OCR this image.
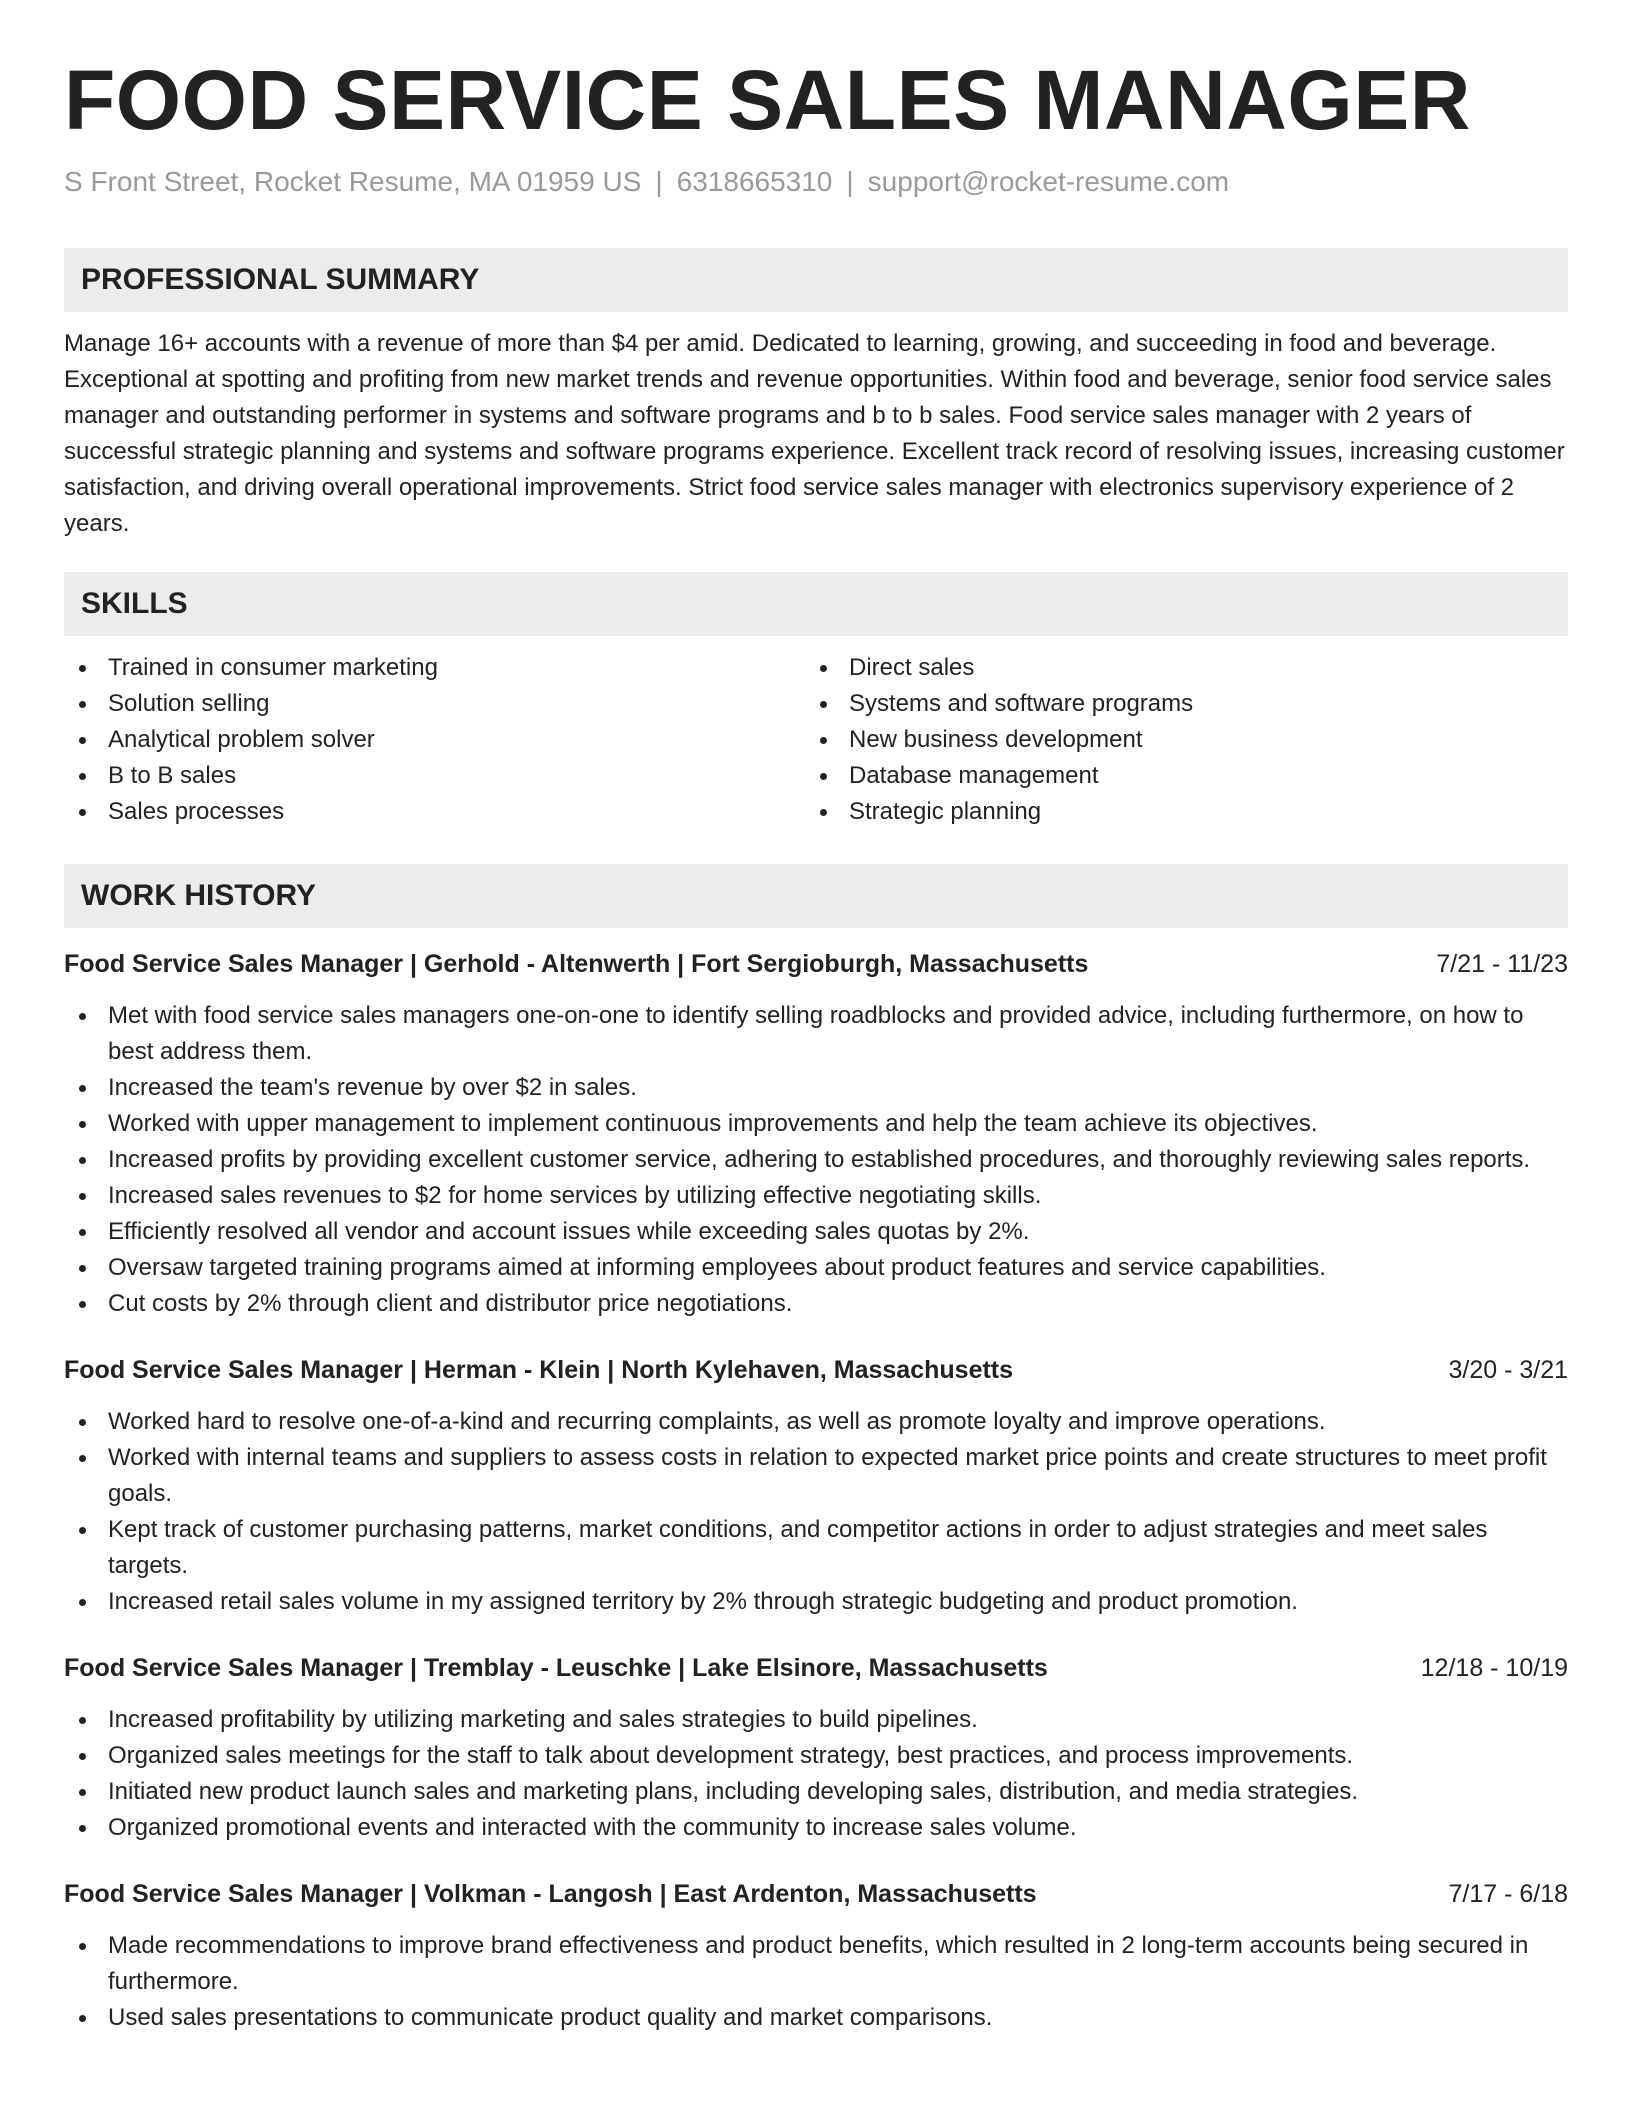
FOOD SERVICE SALES MANAGER
S Front Street, Rocket Resume, MA 01959 US | 6318665310 | support@rocket-resume.com
PROFESSIONAL SUMMARY
Manage 16+ accounts with a revenue of more than $4 per amid. Dedicated to learning, growing, and succeeding in food and beverage. Exceptional at spotting and profiting from new market trends and revenue opportunities. Within food and beverage, senior food service sales manager and outstanding performer in systems and software programs and b to b sales. Food service sales manager with 2 years of successful strategic planning and systems and software programs experience. Excellent track record of resolving issues, increasing customer satisfaction, and driving overall operational improvements. Strict food service sales manager with electronics supervisory experience of 2 years.
SKILLS
Trained in consumer marketing
Solution selling
Analytical problem solver
B to B sales
Sales processes
Direct sales
Systems and software programs
New business development
Database management
Strategic planning
WORK HISTORY
Food Service Sales Manager | Gerhold - Altenwerth | Fort Sergioburgh, Massachusetts	7/21 - 11/23
Met with food service sales managers one-on-one to identify selling roadblocks and provided advice, including furthermore, on how to best address them.
Increased the team's revenue by over $2 in sales.
Worked with upper management to implement continuous improvements and help the team achieve its objectives.
Increased profits by providing excellent customer service, adhering to established procedures, and thoroughly reviewing sales reports.
Increased sales revenues to $2 for home services by utilizing effective negotiating skills.
Efficiently resolved all vendor and account issues while exceeding sales quotas by 2%.
Oversaw targeted training programs aimed at informing employees about product features and service capabilities.
Cut costs by 2% through client and distributor price negotiations.
Food Service Sales Manager | Herman - Klein | North Kylehaven, Massachusetts	3/20 - 3/21
Worked hard to resolve one-of-a-kind and recurring complaints, as well as promote loyalty and improve operations.
Worked with internal teams and suppliers to assess costs in relation to expected market price points and create structures to meet profit goals.
Kept track of customer purchasing patterns, market conditions, and competitor actions in order to adjust strategies and meet sales targets.
Increased retail sales volume in my assigned territory by 2% through strategic budgeting and product promotion.
Food Service Sales Manager | Tremblay - Leuschke | Lake Elsinore, Massachusetts	12/18 - 10/19
Increased profitability by utilizing marketing and sales strategies to build pipelines.
Organized sales meetings for the staff to talk about development strategy, best practices, and process improvements.
Initiated new product launch sales and marketing plans, including developing sales, distribution, and media strategies.
Organized promotional events and interacted with the community to increase sales volume.
Food Service Sales Manager | Volkman - Langosh | East Ardenton, Massachusetts	7/17 - 6/18
Made recommendations to improve brand effectiveness and product benefits, which resulted in 2 long-term accounts being secured in furthermore.
Used sales presentations to communicate product quality and market comparisons.
